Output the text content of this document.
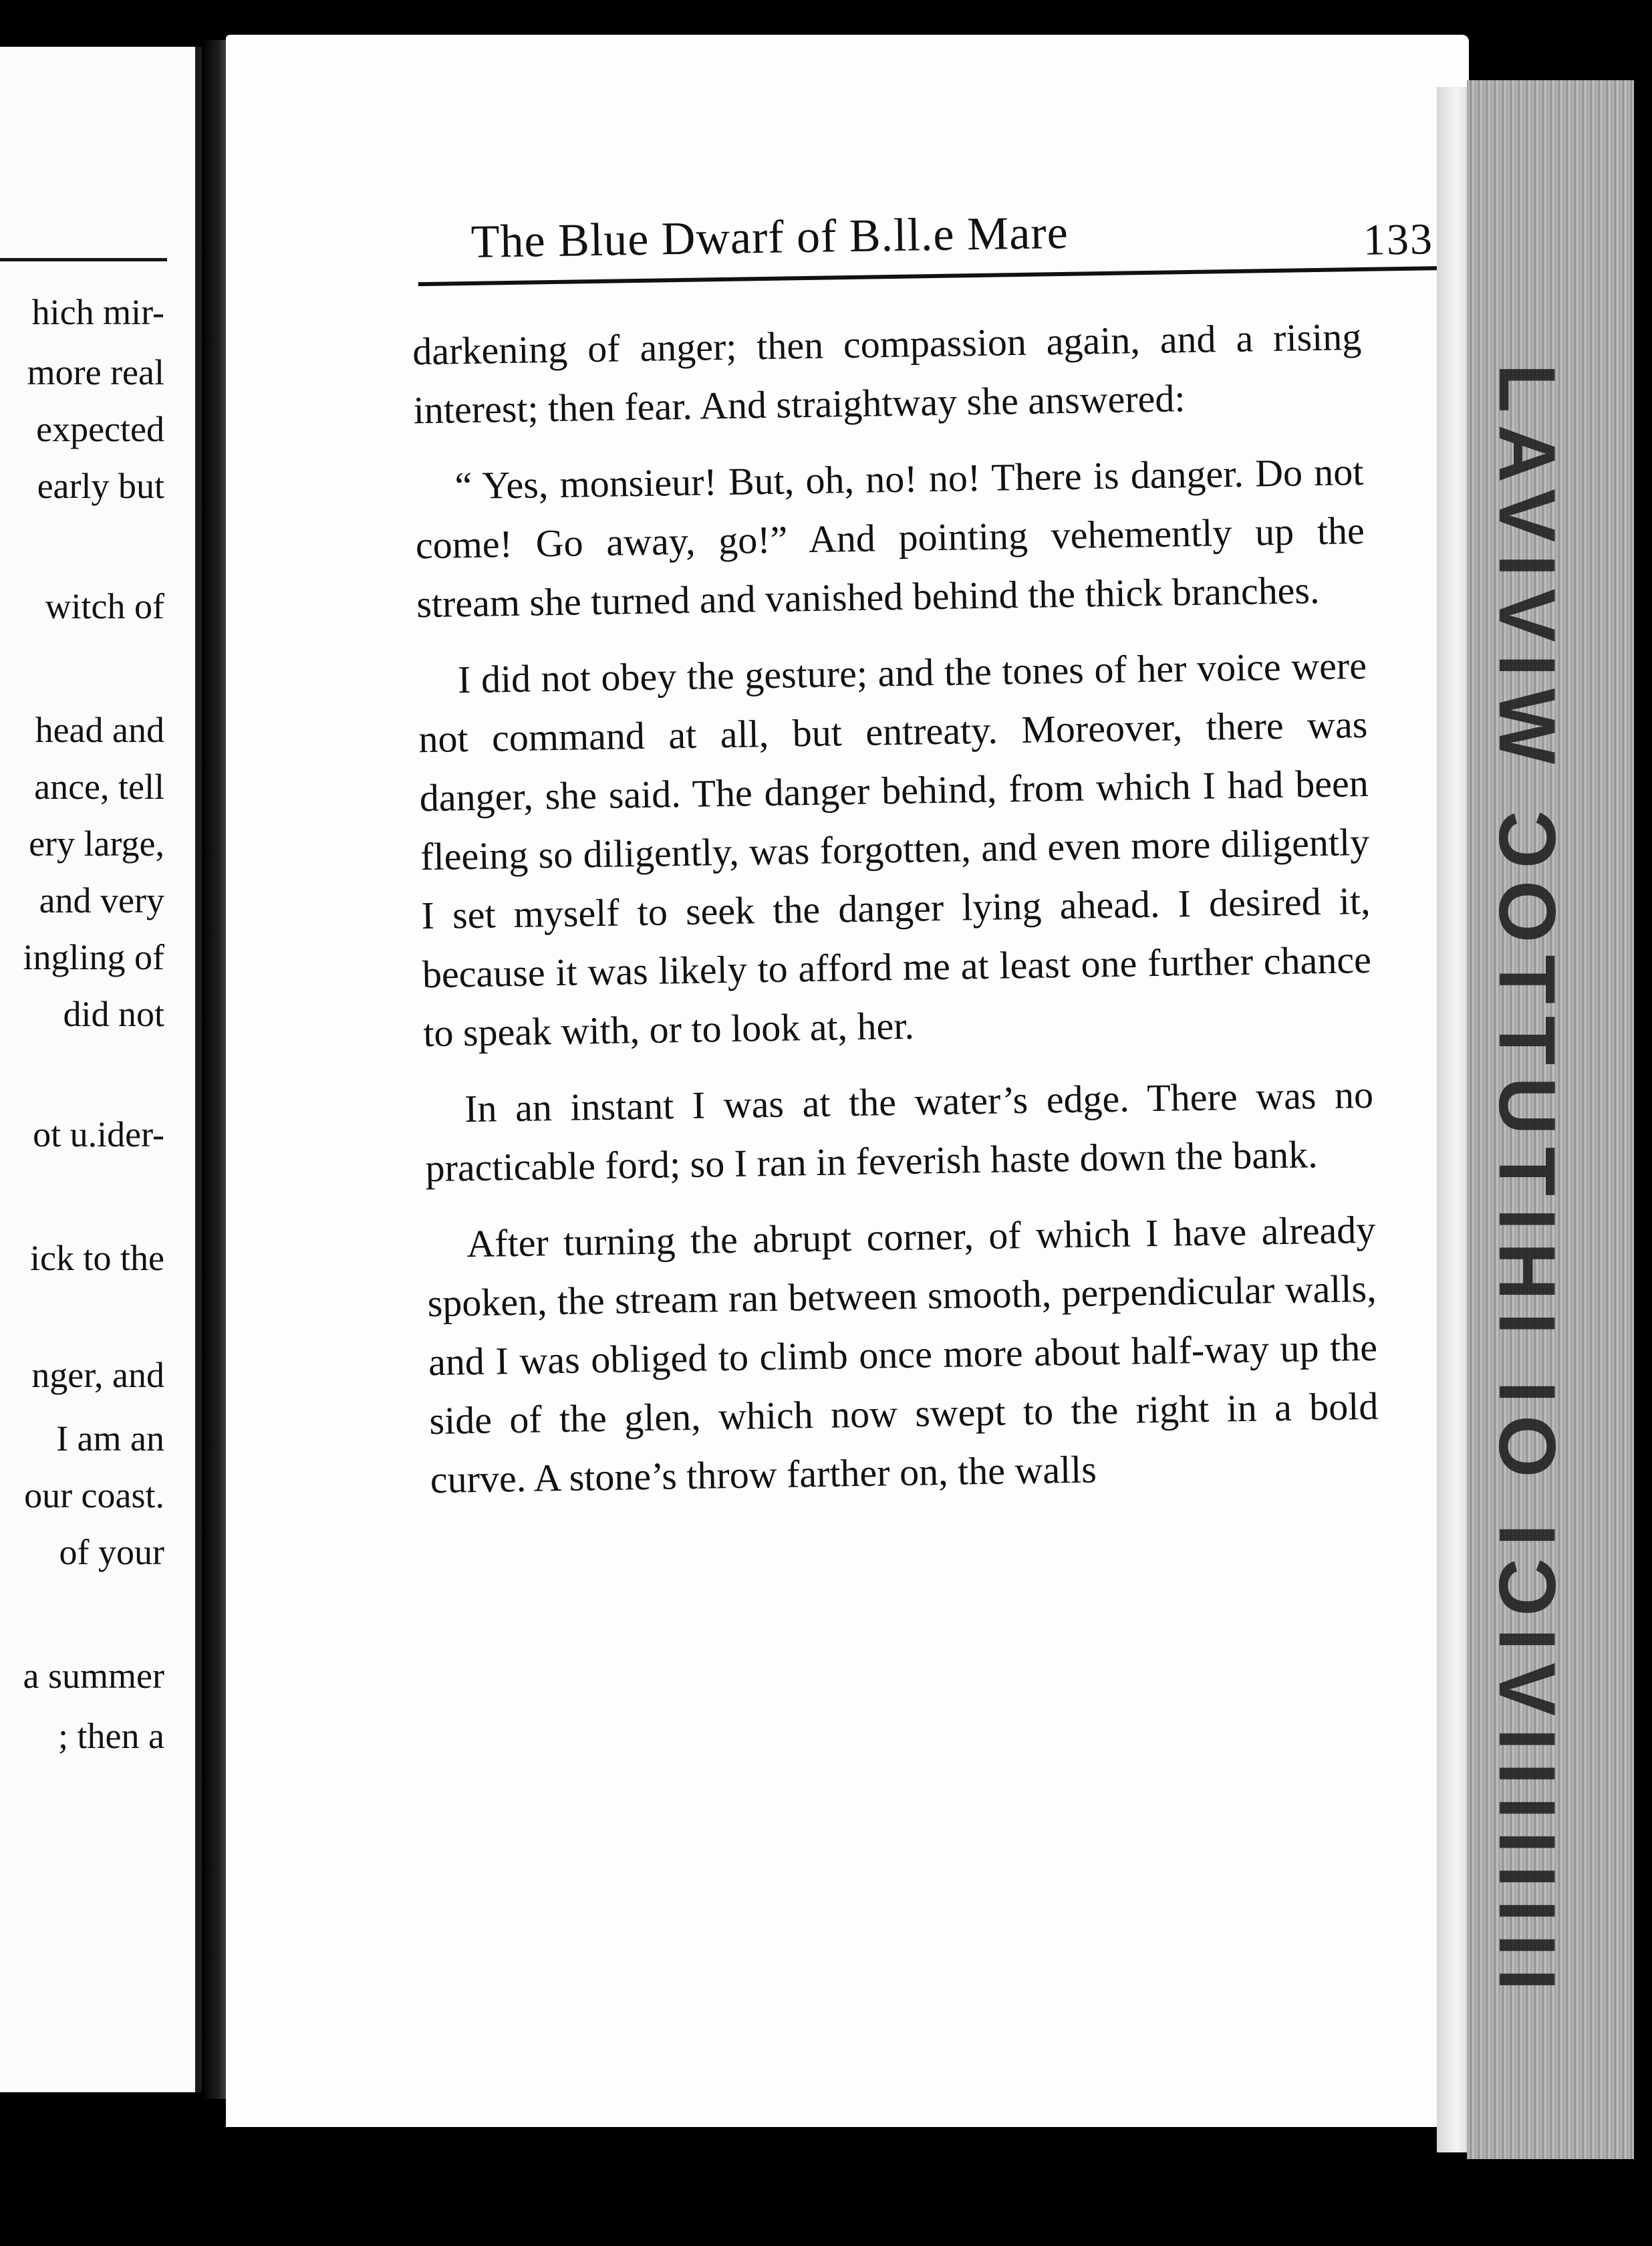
hich mir-
more real
expected
early but
witch of
head and
ance, tell
ery large,
and very
ingling of
did not
ot u.ider-
ick to the
nger, and
I am an
our coast.
of your
a summer
; then a
The Blue Dwarf of B.ll.e Mare	133

darkening of anger; then compassion again, and a rising interest; then fear. And straightway she answered:

“ Yes, monsieur! But, oh, no! no! There is danger. Do not come! Go away, go!” And pointing vehemently up the stream she turned and vanished behind the thick branches.

I did not obey the gesture; and the tones of her voice were not command at all, but entreaty. Moreover, there was danger, she said. The danger behind, from which I had been fleeing so diligently, was forgotten, and even more diligently I set myself to seek the danger lying ahead. I desired it, because it was likely to afford me at least one further chance to speak with, or to look at, her.

In an instant I was at the water’s edge. There was no practicable ford; so I ran in feverish haste down the bank.

After turning the abrupt corner, of which I have already spoken, the stream ran between smooth, perpendicular walls, and I was obliged to climb once more about half-way up the side of the glen, which now swept to the right in a bold curve. A stone’s throw farther on, the walls	LAVIVIW ƆOTTUTIHI IO IƆIVIIIIIIII
